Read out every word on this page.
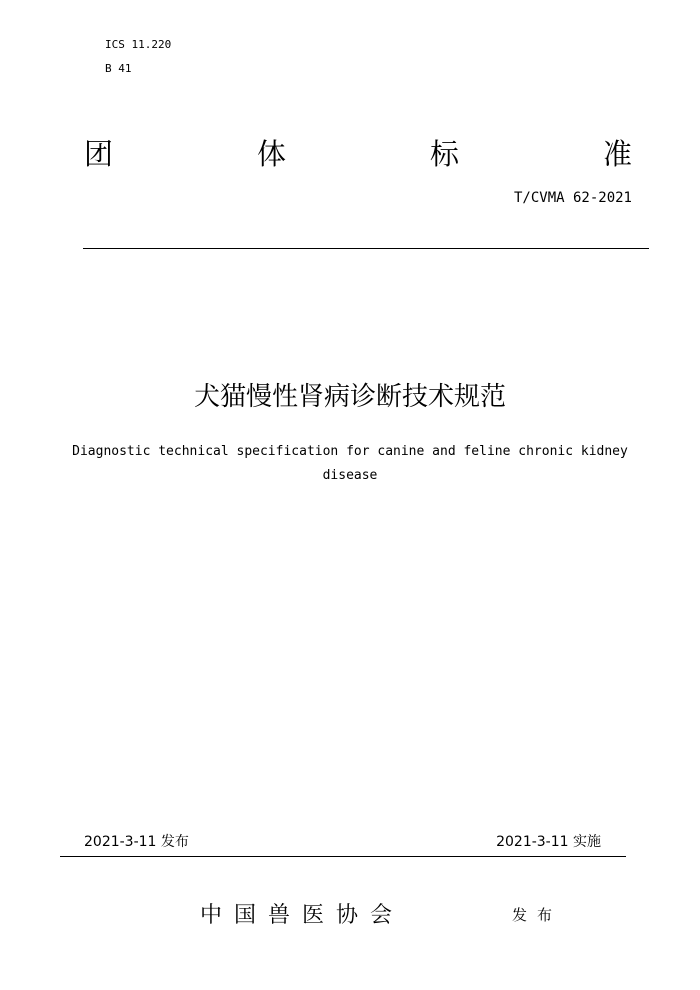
ICS 11.220
B 41
团	体	标	准
T/CVMA 62-2021
犬猫慢性肾病诊断技术规范
Diagnostic technical specification for canine and feline chronic kidney disease
2021-3-11 发布	2021-3-11 实施
中国兽医协会	发布
